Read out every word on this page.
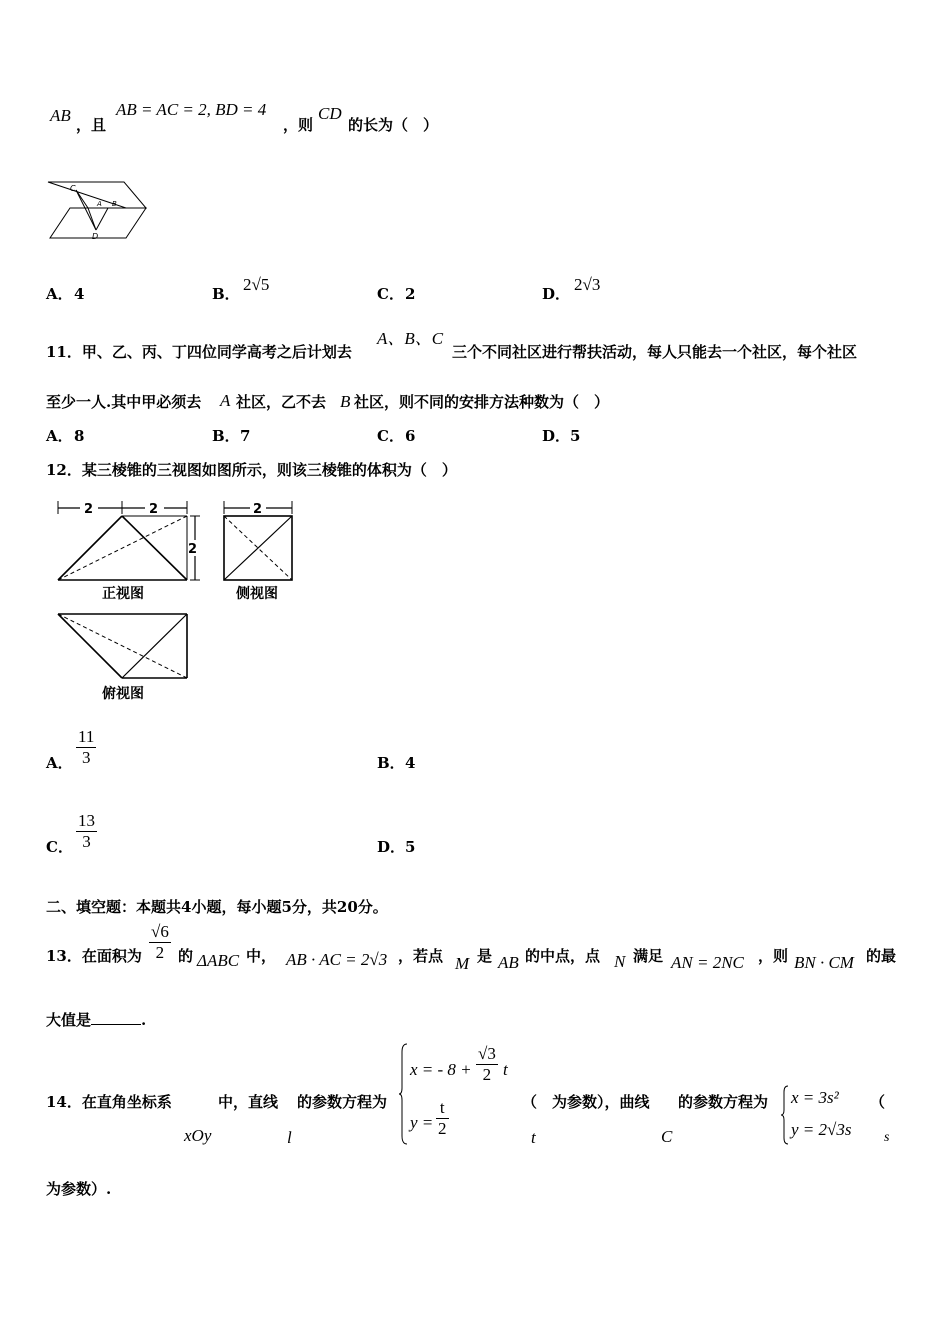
AB ，且
AB = AC = 2, BD = 4
，则
CD
的长为（　）
C
A B
D
A． 4	B． 2√5	C． 2	D． 2√3
11．甲、乙、丙、丁四位同学高考之后计划去
A、B、C
三个不同社区进行帮扶活动，每人只能去一个社区，每个社区
至少一人.其中甲必须去 A 社区，乙不去 B 社区，则不同的安排方法种数为（　）
A． 8	B． 7	C． 6	D． 5
12．某三棱锥的三视图如图所示，则该三棱锥的体积为（　）
2	2
2
正视图
2
侧视图
俯视图
A． $\frac{11}{3}$	B． 4
C． $\frac{13}{3}$	D． 5
二、填空题：本题共4小题，每小题5分，共20分。
13．在面积为 $\frac{√6}{2}$ 的 ΔABC 中， AB · AC = 2√3 ，若点 M 是 AB 的中点，点 N 满足 AN = 2NC ，则 BN · CM 的最
大值是	.
14．在直角坐标系
xOy
中，直线
l
的参数方程为
x = - $8 + \frac{√3}{2}$ t
$y = \frac{t}{2}$	（　为参数），曲线
t	C
的参数方程为 x = 3s²
y = 2√3s
（
s
为参数）.
